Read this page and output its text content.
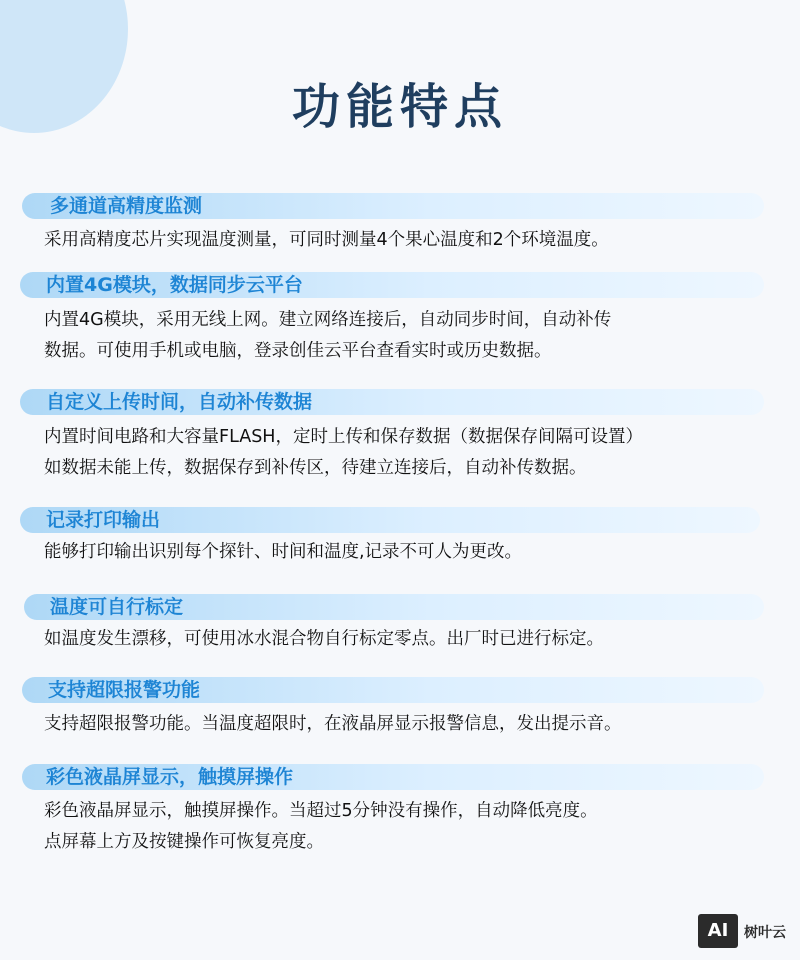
功能特点
多通道高精度监测

采用高精度芯片实现温度测量，可同时测量4个果心温度和2个环境温度。

内置4G模块，数据同步云平台

内置4G模块，采用无线上网。建立网络连接后，自动同步时间，自动补传
数据。可使用手机或电脑，登录创佳云平台查看实时或历史数据。

自定义上传时间，自动补传数据

内置时间电路和大容量FLASH，定时上传和保存数据（数据保存间隔可设置）
如数据未能上传，数据保存到补传区，待建立连接后，自动补传数据。

记录打印输出

能够打印输出识别每个探针、时间和温度,记录不可人为更改。

温度可自行标定

如温度发生漂移，可使用冰水混合物自行标定零点。出厂时已进行标定。

支持超限报警功能

支持超限报警功能。当温度超限时，在液晶屏显示报警信息，发出提示音。

彩色液晶屏显示，触摸屏操作

彩色液晶屏显示，触摸屏操作。当超过5分钟没有操作，自动降低亮度。
点屏幕上方及按键操作可恢复亮度。

AI	树叶云
